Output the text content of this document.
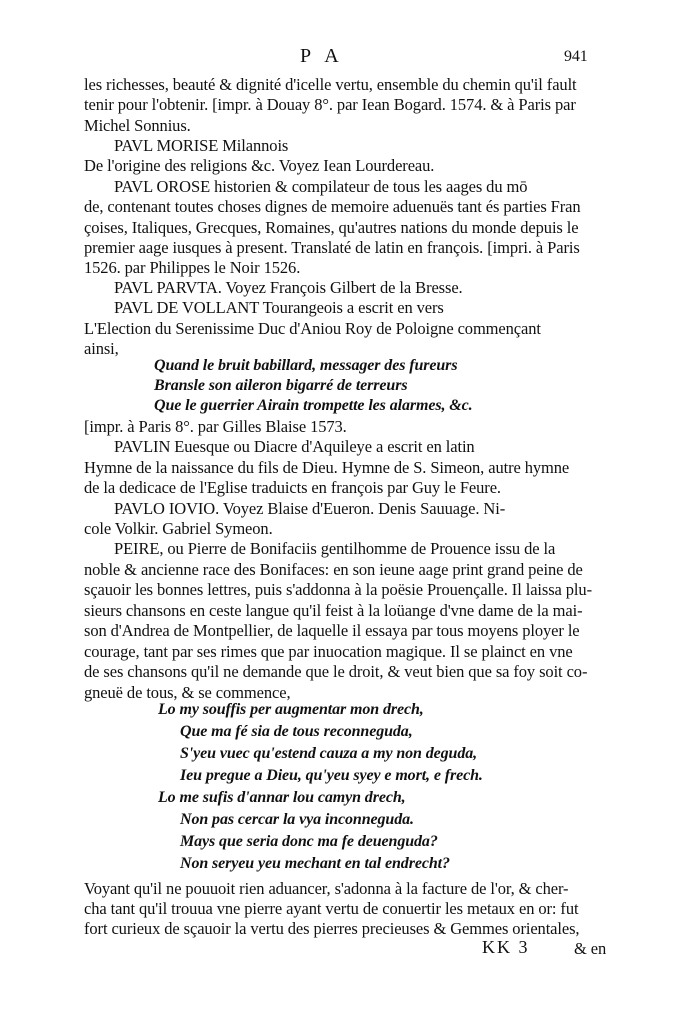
P A	941
les richesses, beauté & dignité d'icelle vertu, ensemble du chemin qu'il fault
tenir pour l'obtenir. [impr. à Douay 8°. par Iean Bogard. 1574. & à Paris par
Michel Sonnius.
PAVL MORISE Milannois
De l'origine des religions &c. Voyez Iean Lourdereau.
PAVL OROSE historien & compilateur de tous les aages du mō
de, contenant toutes choses dignes de memoire aduenuës tant és parties Fran
çoises, Italiques, Grecques, Romaines, qu'autres nations du monde depuis le
premier aage iusques à present. Translaté de latin en françois. [impri. à Paris
1526. par Philippes le Noir 1526.
PAVL PARVTA. Voyez François Gilbert de la Bresse.
PAVL DE VOLLANT Tourangeois a escrit en vers
L'Election du Serenissime Duc d'Aniou Roy de Poloigne commençant
ainsi,
Quand le bruit babillard, messager des fureurs
Bransle son aileron bigarré de terreurs
Que le guerrier Airain trompette les alarmes, &c.
[impr. à Paris 8°. par Gilles Blaise 1573.
PAVLIN Euesque ou Diacre d'Aquileye a escrit en latin
Hymne de la naissance du fils de Dieu. Hymne de S. Simeon, autre hymne
de la dedicace de l'Eglise traduicts en françois par Guy le Feure.
PAVLO IOVIO. Voyez Blaise d'Eueron. Denis Sauuage. Ni-
cole Volkir. Gabriel Symeon.
PEIRE, ou Pierre de Bonifaciis gentilhomme de Prouence issu de la
noble & ancienne race des Bonifaces: en son ieune aage print grand peine de
sçauoir les bonnes lettres, puis s'addonna à la poësie Prouençalle. Il laissa plu-
sieurs chansons en ceste langue qu'il feist à la loüange d'vne dame de la mai-
son d'Andrea de Montpellier, de laquelle il essaya par tous moyens ployer le
courage, tant par ses rimes que par inuocation magique. Il se plainct en vne
de ses chansons qu'il ne demande que le droit, & veut bien que sa foy soit co-
gneuë de tous, & se commence,
Lo my souffis per augmentar mon drech,
Que ma fé sia de tous reconneguda,
S'yeu vuec qu'estend cauza a my non deguda,
Ieu pregue a Dieu, qu'yeu syey e mort, e frech.
Lo me sufis d'annar lou camyn drech,
Non pas cercar la vya inconneguda.
Mays que seria donc ma fe deuenguda?
Non seryeu yeu mechant en tal endrecht?
Voyant qu'il ne pouuoit rien aduancer, s'adonna à la facture de l'or, & cher-
cha tant qu'il trouua vne pierre ayant vertu de conuertir les metaux en or: fut
fort curieux de sçauoir la vertu des pierres precieuses & Gemmes orientales,
KK 3	& en
